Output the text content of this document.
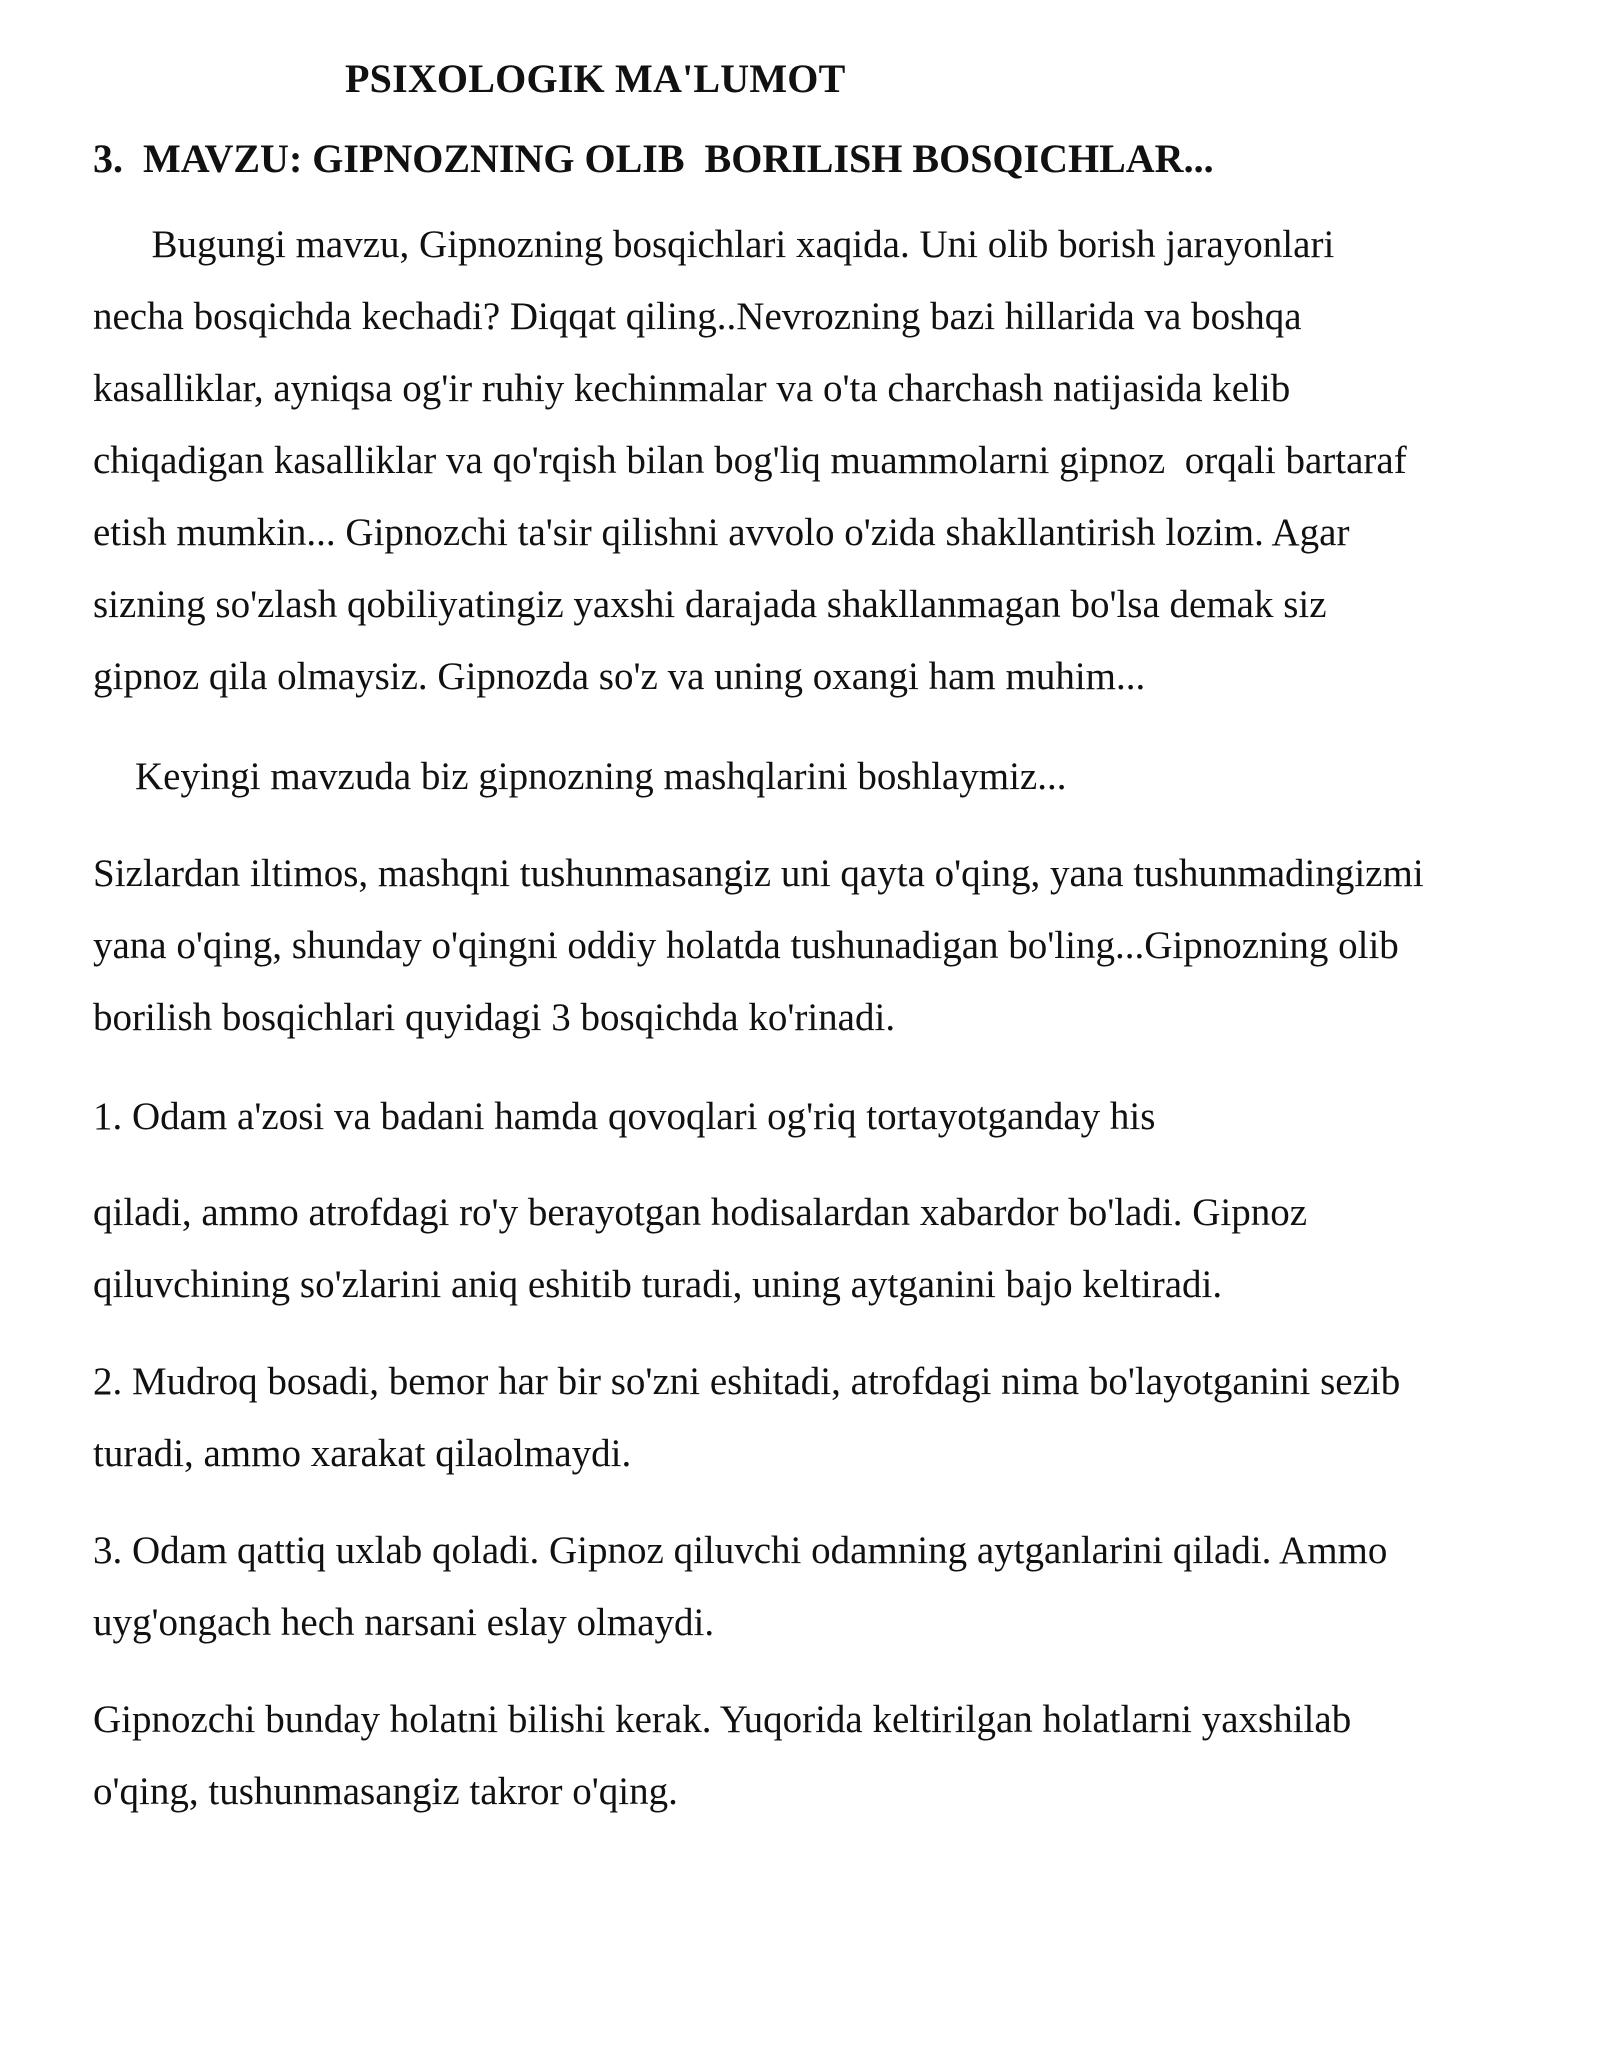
PSIXOLOGIK MA'LUMOT
3.  MAVZU: GIPNOZNING OLIB  BORILISH BOSQICHLAR...

Bugungi mavzu, Gipnozning bosqichlari xaqida. Uni olib borish jarayonlari
necha bosqichda kechadi? Diqqat qiling..Nevrozning bazi hillarida va boshqa
kasalliklar, ayniqsa og'ir ruhiy kechinmalar va o'ta charchash natijasida kelib
chiqadigan kasalliklar va qo'rqish bilan bog'liq muammolarni gipnoz  orqali bartaraf
etish mumkin... Gipnozchi ta'sir qilishni avvolo o'zida shakllantirish lozim. Agar
sizning so'zlash qobiliyatingiz yaxshi darajada shakllanmagan bo'lsa demak siz
gipnoz qila olmaysiz. Gipnozda so'z va uning oxangi ham muhim...

Keyingi mavzuda biz gipnozning mashqlarini boshlaymiz...

Sizlardan iltimos, mashqni tushunmasangiz uni qayta o'qing, yana tushunmadingizmi
yana o'qing, shunday o'qingni oddiy holatda tushunadigan bo'ling...Gipnozning olib
borilish bosqichlari quyidagi 3 bosqichda ko'rinadi.

1. Odam a'zosi va badani hamda qovoqlari og'riq tortayotganday his

qiladi, ammo atrofdagi ro'y berayotgan hodisalardan xabardor bo'ladi. Gipnoz
qiluvchining so'zlarini aniq eshitib turadi, uning aytganini bajo keltiradi.

2. Mudroq bosadi, bemor har bir so'zni eshitadi, atrofdagi nima bo'layotganini sezib
turadi, ammo xarakat qilaolmaydi.

3. Odam qattiq uxlab qoladi. Gipnoz qiluvchi odamning aytganlarini qiladi. Ammo
uyg'ongach hech narsani eslay olmaydi.

Gipnozchi bunday holatni bilishi kerak. Yuqorida keltirilgan holatlarni yaxshilab
o'qing, tushunmasangiz takror o'qing.
